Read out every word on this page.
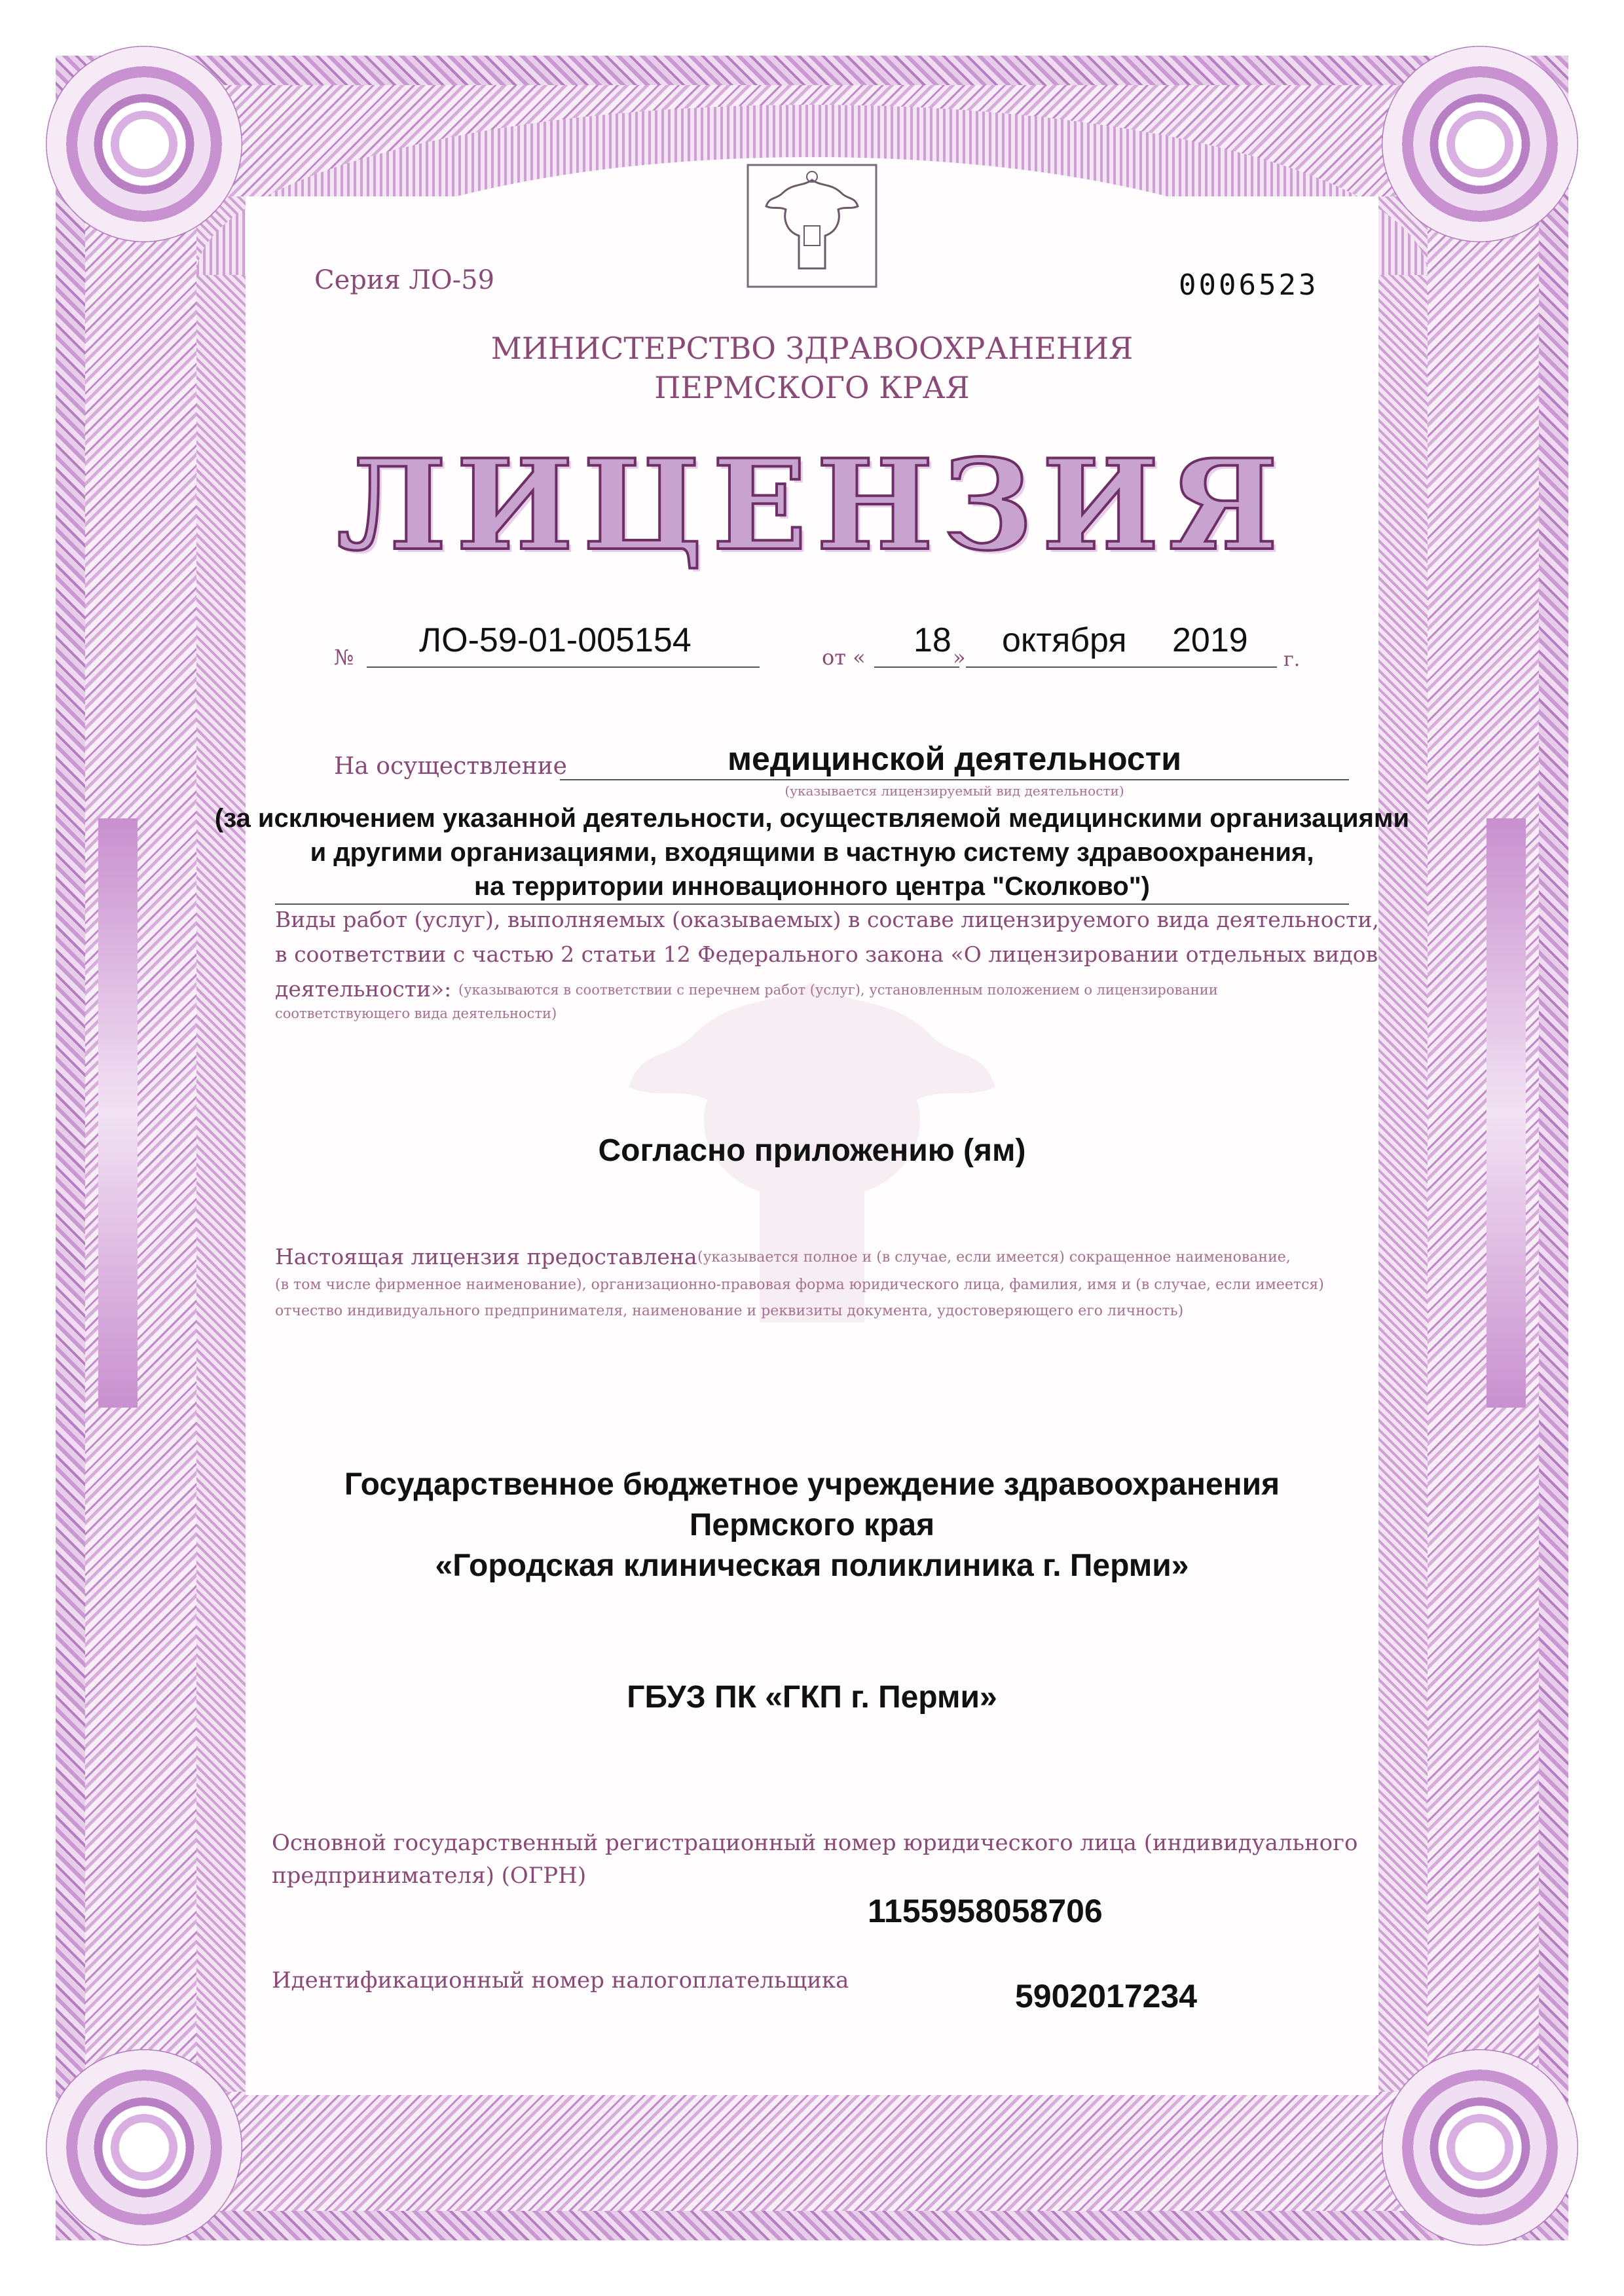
Серия ЛО-59	0006523
МИНИСТЕРСТВО ЗДРАВООХРАНЕНИЯ
ПЕРМСКОГО КРАЯ
ЛИЦЕНЗИЯ
№ ЛО-59-01-005154	от « 18 » октября 2019
г.
На осуществление	медицинской деятельности
(указывается лицензируемый вид деятельности)
(за исключением указанной деятельности, осуществляемой медицинскими организациями
и другими организациями, входящими в частную систему здравоохранения,
на территории инновационного центра "Сколково")
Виды работ (услуг), выполняемых (оказываемых) в составе лицензируемого вида деятельности,
в соответствии с частью 2 статьи 12 Федерального закона «О лицензировании отдельных видов
деятельности»: (указываются в соответствии с перечнем работ (услуг), установленным положением о лицензировании
соответствующего вида деятельности)
Согласно приложению (ям)
Настоящая лицензия предоставлена (указывается полное и (в случае, если имеется) сокращенное наименование,
(в том числе фирменное наименование), организационно-правовая форма юридического лица, фамилия, имя и (в случае, если имеется)
отчество индивидуального предпринимателя, наименование и реквизиты документа, удостоверяющего его личность)
Государственное бюджетное учреждение здравоохранения
Пермского края
«Городская клиническая поликлиника г. Перми»
ГБУЗ ПК «ГКП г. Перми»
Основной государственный регистрационный номер юридического лица (индивидуального
предпринимателя) (ОГРН)
1155958058706
Идентификационный номер налогоплательщика	5902017234
